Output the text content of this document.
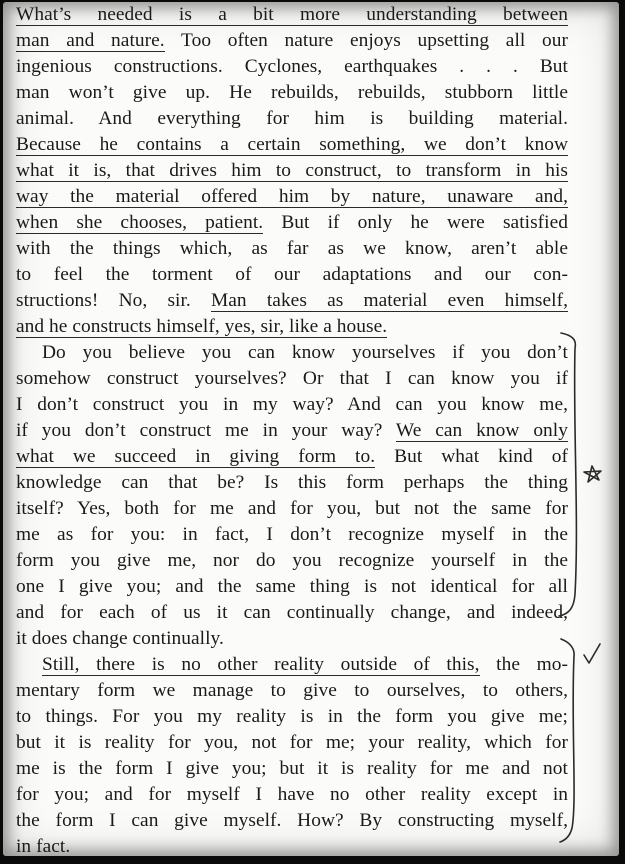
What’s needed is a bit more understanding between
man and nature. Too often nature enjoys upsetting all our
ingenious constructions. Cyclones, earthquakes . . . But
man won’t give up. He rebuilds, rebuilds, stubborn little
animal. And everything for him is building material.
Because he contains a certain something, we don’t know
what it is, that drives him to construct, to transform in his
way the material offered him by nature, unaware and,
when she chooses, patient. But if only he were satisfied
with the things which, as far as we know, aren’t able
to feel the torment of our adaptations and our con-
structions! No, sir. Man takes as material even himself,
and he constructs himself, yes, sir, like a house.
Do you believe you can know yourselves if you don’t
somehow construct yourselves? Or that I can know you if
I don’t construct you in my way? And can you know me,
if you don’t construct me in your way? We can know only
what we succeed in giving form to. But what kind of
knowledge can that be? Is this form perhaps the thing
itself? Yes, both for me and for you, but not the same for
me as for you: in fact, I don’t recognize myself in the
form you give me, nor do you recognize yourself in the
one I give you; and the same thing is not identical for all
and for each of us it can continually change, and indeed,
it does change continually.
Still, there is no other reality outside of this, the mo-
mentary form we manage to give to ourselves, to others,
to things. For you my reality is in the form you give me;
but it is reality for you, not for me; your reality, which for
me is the form I give you; but it is reality for me and not
for you; and for myself I have no other reality except in
the form I can give myself. How? By constructing myself,
in fact.
